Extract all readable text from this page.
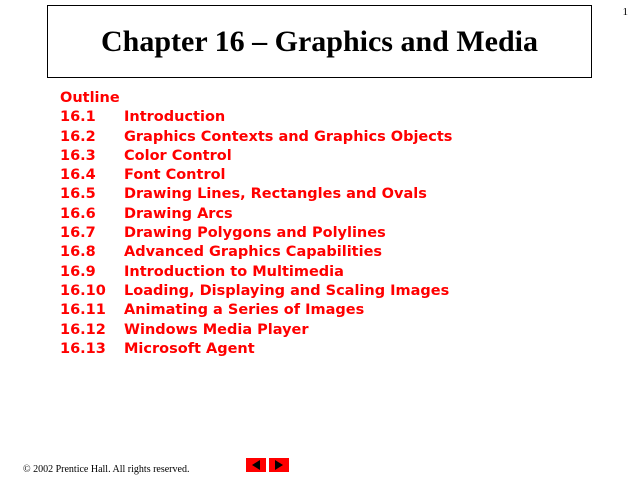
1
Chapter 16 – Graphics and Media
Outline
16.1	Introduction
16.2	Graphics Contexts and Graphics Objects
16.3	Color Control
16.4	Font Control
16.5	Drawing Lines, Rectangles and Ovals
16.6	Drawing Arcs
16.7	Drawing Polygons and Polylines
16.8	Advanced Graphics Capabilities
16.9	Introduction to Multimedia
16.10	Loading, Displaying and Scaling Images
16.11	Animating a Series of Images
16.12	Windows Media Player
16.13	Microsoft Agent
© 2002 Prentice Hall. All rights reserved.
